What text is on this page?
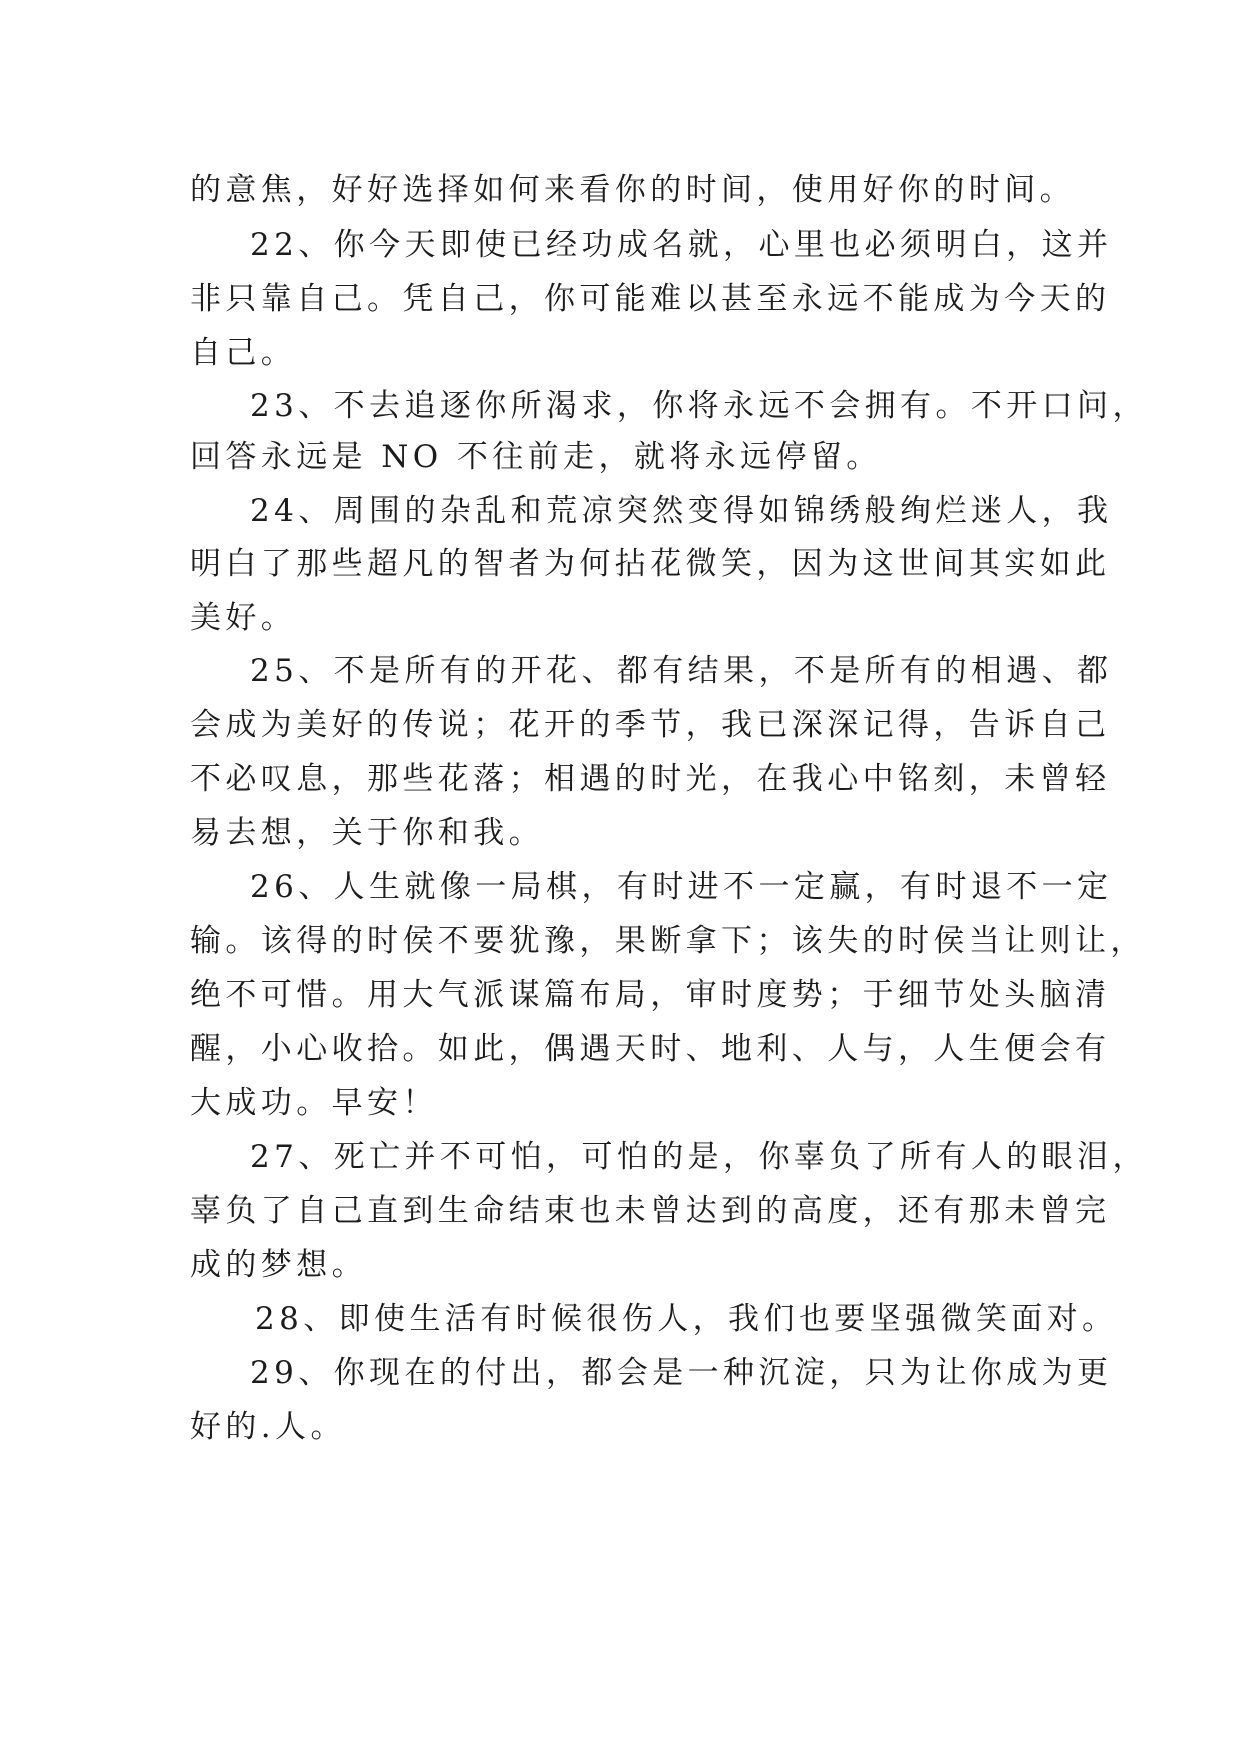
的意焦，好好选择如何来看你的时间，使用好你的时间。
22、你今天即使已经功成名就，心里也必须明白，这并
非只靠自己。凭自己，你可能难以甚至永远不能成为今天的
自己。
23、不去追逐你所渴求，你将永远不会拥有。不开口问，
回答永远是 NO 不往前走，就将永远停留。
24、周围的杂乱和荒凉突然变得如锦绣般绚烂迷人，我
明白了那些超凡的智者为何拈花微笑，因为这世间其实如此
美好。
25、不是所有的开花、都有结果，不是所有的相遇、都
会成为美好的传说；花开的季节，我已深深记得，告诉自己
不必叹息，那些花落；相遇的时光，在我心中铭刻，未曾轻
易去想，关于你和我。
26、人生就像一局棋，有时进不一定赢，有时退不一定
输。该得的时侯不要犹豫，果断拿下；该失的时侯当让则让，
绝不可惜。用大气派谋篇布局，审时度势；于细节处头脑清
醒，小心收拾。如此，偶遇天时、地利、人与，人生便会有
大成功。早安！
27、死亡并不可怕，可怕的是，你辜负了所有人的眼泪，
辜负了自己直到生命结束也未曾达到的高度，还有那未曾完
成的梦想。
28、即使生活有时候很伤人，我们也要坚强微笑面对。
29、你现在的付出，都会是一种沉淀，只为让你成为更
好的.人。
